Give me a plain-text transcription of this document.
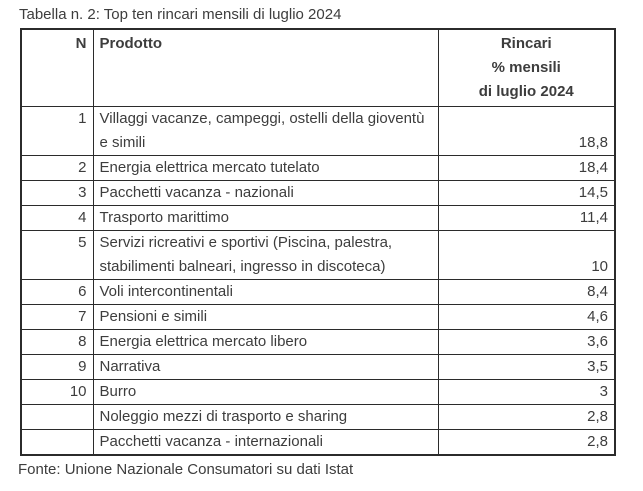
Tabella n. 2: Top ten rincari mensili di luglio 2024
N	Prodotto	Rincari
% mensili
di luglio 2024

1	Villaggi vacanze, campeggi, ostelli della gioventù e simili	18,8
2	Energia elettrica mercato tutelato	18,4
3	Pacchetti vacanza - nazionali	14,5
4	Trasporto marittimo	11,4
5	Servizi ricreativi e sportivi (Piscina, palestra, stabilimenti balneari, ingresso in discoteca)	10
6	Voli intercontinentali	8,4
7	Pensioni e simili	4,6
8	Energia elettrica mercato libero	3,6
9	Narrativa	3,5
10	Burro	3
	Noleggio mezzi di trasporto e sharing	2,8
	Pacchetti vacanza - internazionali	2,8
Fonte: Unione Nazionale Consumatori su dati Istat
